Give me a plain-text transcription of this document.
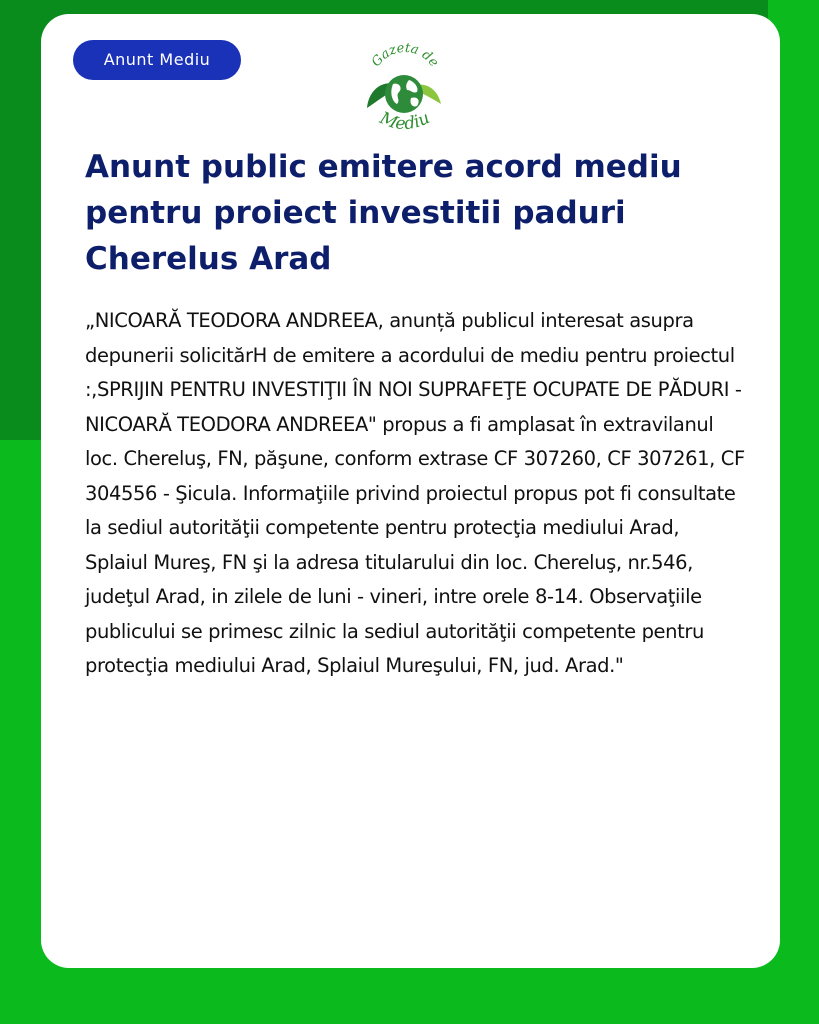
Anunt Mediu	Gazeta de
Mediu
Anunt public emitere acord mediu pentru proiect investitii paduri Cherelus Arad

„NICOARĂ TEODORA ANDREEA, anunță publicul interesat asupra depunerii solicitărH de emitere a acordului de mediu pentru proiectul :,SPRIJIN PENTRU INVESTIŢII ÎN NOI SUPRAFEŢE OCUPATE DE PĂDURI - NICOARĂ TEODORA ANDREEA" propus a fi amplasat în extravilanul loc. Chereluş, FN, păşune, conform extrase CF 307260, CF 307261, CF 304556 - Şicula. Informaţiile privind proiectul propus pot fi consultate la sediul autorităţii competente pentru protecţia mediului Arad, Splaiul Mureş, FN şi la adresa titularului din loc. Chereluş, nr.546, judeţul Arad, in zilele de luni - vineri, intre orele 8-14. Observaţiile publicului se primesc zilnic la sediul autorităţii competente pentru protecţia mediului Arad, Splaiul Mureşului, FN, jud. Arad."
